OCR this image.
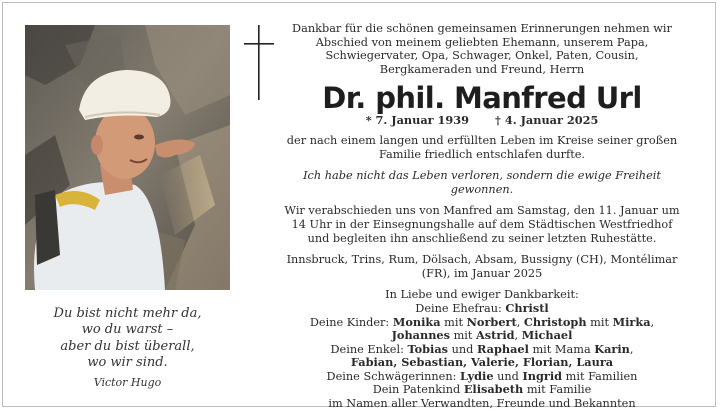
Du bist nicht mehr da,
wo du warst –
aber du bist überall,
wo wir sind.
Victor Hugo

Dankbar für die schönen gemeinsamen Erinnerungen nehmen wir Abschied von meinem geliebten Ehemann, unserem Papa, Schwiegervater, Opa, Schwager, Onkel, Paten, Cousin, Bergkameraden und Freund, Herrn

Dr. phil. Manfred Url

* 7. Januar 1939 † 4. Januar 2025

der nach einem langen und erfüllten Leben im Kreise seiner großen Familie friedlich entschlafen durfte.

Ich habe nicht das Leben verloren, sondern die ewige Freiheit gewonnen.

Wir verabschieden uns von Manfred am Samstag, den 11. Januar um 14 Uhr in der Einsegnungshalle auf dem Städtischen Westfriedhof und begleiten ihn anschließend zu seiner letzten Ruhestätte.

Innsbruck, Trins, Rum, Dölsach, Absam, Bussigny (CH), Montélimar (FR), im Januar 2025

In Liebe und ewiger Dankbarkeit:

Deine Ehefrau: Christl

Deine Kinder: Monika mit Norbert, Christoph mit Mirka,
Johannes mit Astrid, Michael

Deine Enkel: Tobias und Raphael mit Mama Karin,
Fabian, Sebastian, Valerie, Florian, Laura

Deine Schwägerinnen: Lydie und Ingrid mit Familien

Dein Patenkind Elisabeth mit Familie

im Namen aller Verwandten, Freunde und Bekannten
